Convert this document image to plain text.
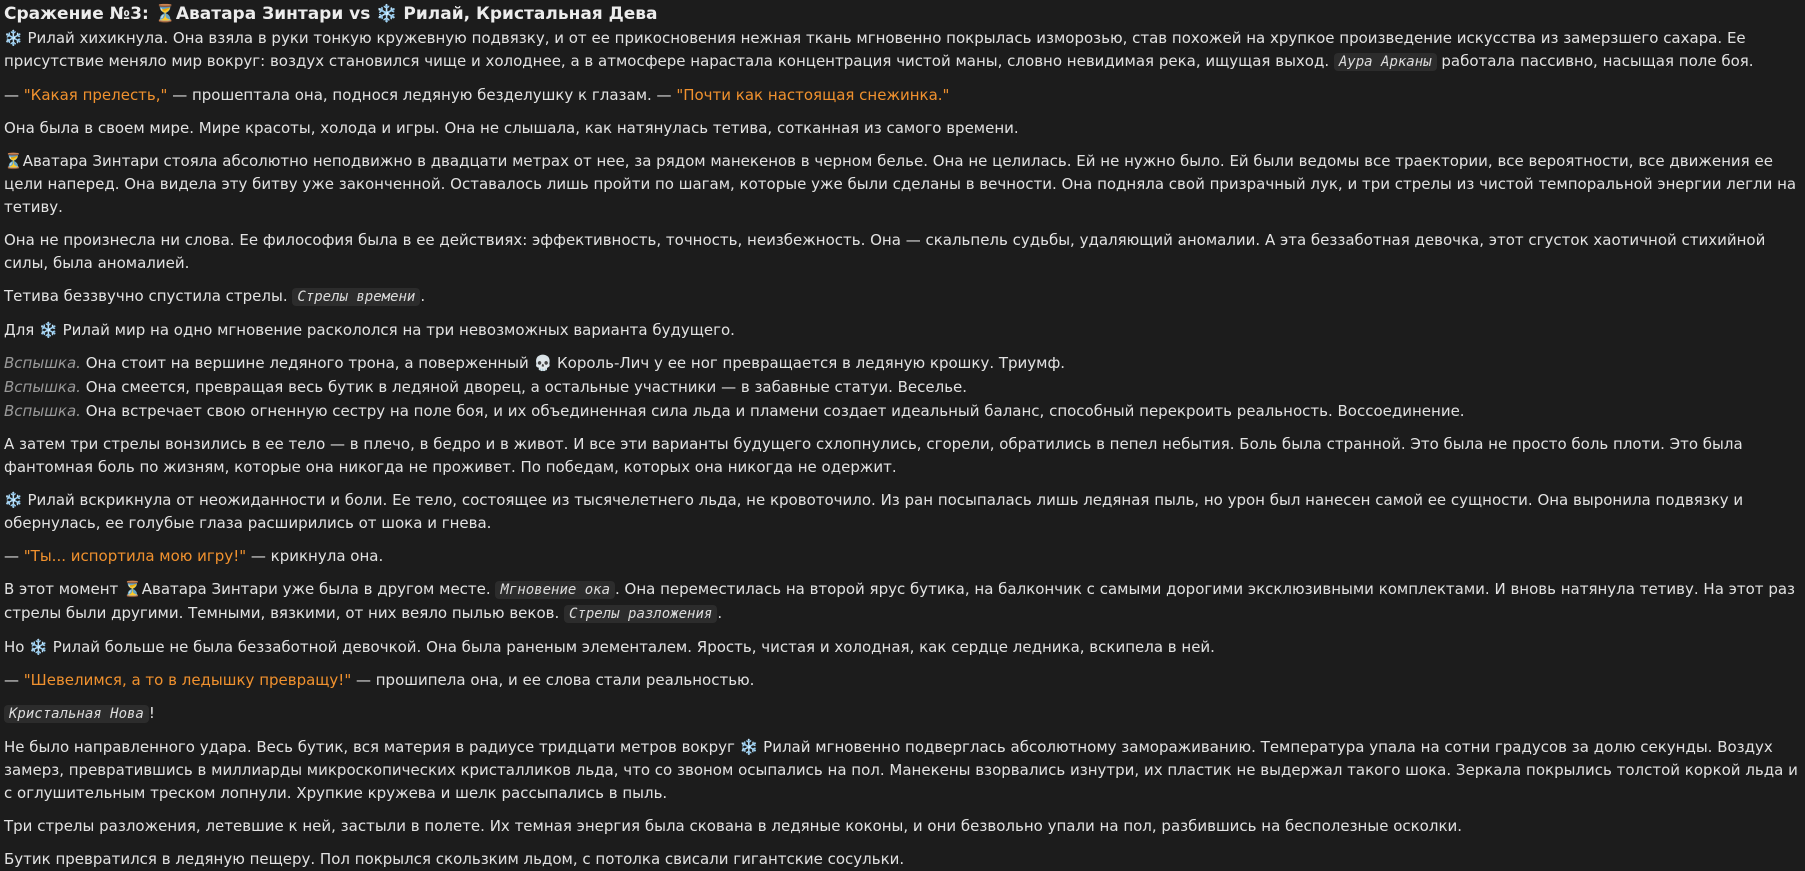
Сражение №3: ⏳Аватара Зинтари vs ❄️ Рилай, Кристальная Дева

❄️ Рилай хихикнула. Она взяла в руки тонкую кружевную подвязку, и от ее прикосновения нежная ткань мгновенно покрылась изморозью, став похожей на хрупкое произведение искусства из замерзшего сахара. Ее присутствие меняло мир вокруг: воздух становился чище и холоднее, а в атмосфере нарастала концентрация чистой маны, словно невидимая река, ищущая выход. Аура Арканы работала пассивно, насыщая поле боя.

— "Какая прелесть," — прошептала она, поднося ледяную безделушку к глазам. — "Почти как настоящая снежинка."

Она была в своем мире. Мире красоты, холода и игры. Она не слышала, как натянулась тетива, сотканная из самого времени.

⏳Аватара Зинтари стояла абсолютно неподвижно в двадцати метрах от нее, за рядом манекенов в черном белье. Она не целилась. Ей не нужно было. Ей были ведомы все траектории, все вероятности, все движения ее цели наперед. Она видела эту битву уже законченной. Оставалось лишь пройти по шагам, которые уже были сделаны в вечности. Она подняла свой призрачный лук, и три стрелы из чистой темпоральной энергии легли на тетиву.

Она не произнесла ни слова. Ее философия была в ее действиях: эффективность, точность, неизбежность. Она — скальпель судьбы, удаляющий аномалии. А эта беззаботная девочка, этот сгусток хаотичной стихийной силы, была аномалией.

Тетива беззвучно спустила стрелы. Стрелы времени .

Для ❄️ Рилай мир на одно мгновение раскололся на три невозможных варианта будущего.

Вспышка. Она стоит на вершине ледяного трона, а поверженный 💀 Король-Лич у ее ног превращается в ледяную крошку. Триумф.

Вспышка. Она смеется, превращая весь бутик в ледяной дворец, а остальные участники — в забавные статуи. Веселье.

Вспышка. Она встречает свою огненную сестру на поле боя, и их объединенная сила льда и пламени создает идеальный баланс, способный перекроить реальность. Воссоединение.

А затем три стрелы вонзились в ее тело — в плечо, в бедро и в живот. И все эти варианты будущего схлопнулись, сгорели, обратились в пепел небытия. Боль была странной. Это была не просто боль плоти. Это была фантомная боль по жизням, которые она никогда не проживет. По победам, которых она никогда не одержит.

❄️ Рилай вскрикнула от неожиданности и боли. Ее тело, состоящее из тысячелетнего льда, не кровоточило. Из ран посыпалась лишь ледяная пыль, но урон был нанесен самой ее сущности. Она выронила подвязку и обернулась, ее голубые глаза расширились от шока и гнева.

— "Ты... испортила мою игру!" — крикнула она.

В этот момент ⏳Аватара Зинтари уже была в другом месте. Мгновение ока . Она переместилась на второй ярус бутика, на балкончик с самыми дорогими эксклюзивными комплектами. И вновь натянула тетиву. На этот раз стрелы были другими. Темными, вязкими, от них веяло пылью веков. Стрелы разложения .

Но ❄️ Рилай больше не была беззаботной девочкой. Она была раненым элементалем. Ярость, чистая и холодная, как сердце ледника, вскипела в ней.

— "Шевелимся, а то в ледышку превращу!" — прошипела она, и ее слова стали реальностью.

Кристальная Нова !

Не было направленного удара. Весь бутик, вся материя в радиусе тридцати метров вокруг ❄️ Рилай мгновенно подверглась абсолютному замораживанию. Температура упала на сотни градусов за долю секунды. Воздух замерз, превратившись в миллиарды микроскопических кристалликов льда, что со звоном осыпались на пол. Манекены взорвались изнутри, их пластик не выдержал такого шока. Зеркала покрылись толстой коркой льда и с оглушительным треском лопнули. Хрупкие кружева и шелк рассыпались в пыль.

Три стрелы разложения, летевшие к ней, застыли в полете. Их темная энергия была скована в ледяные коконы, и они безвольно упали на пол, разбившись на бесполезные осколки.

Бутик превратился в ледяную пещеру. Пол покрылся скользким льдом, с потолка свисали гигантские сосульки.
